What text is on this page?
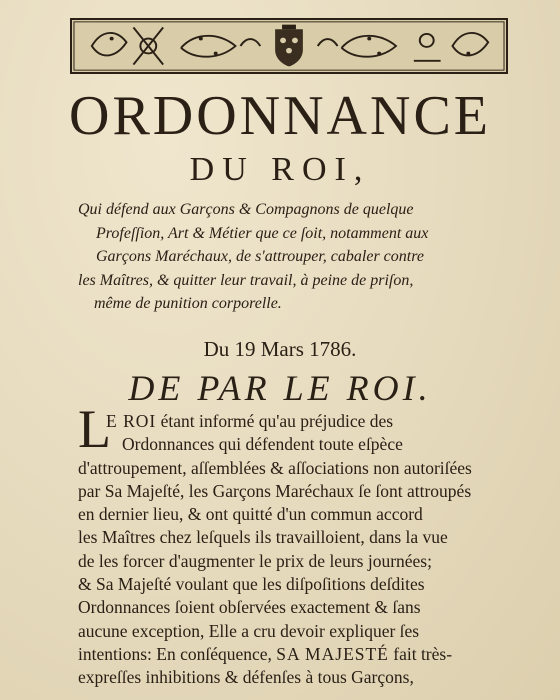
ORDONNANCE
DU ROI,
Qui défend aux Garçons & Compagnons de quelque
Profeſſion, Art & Métier que ce ſoit, notamment aux
Garçons Maréchaux, de s'attrouper, cabaler contre
les Maîtres, & quitter leur travail, à peine de priſon,
même de punition corporelle.
Du 19 Mars 1786.
DE PAR LE ROI.
L
E ROI étant informé qu'au préjudice des
Ordonnances qui défendent toute eſpèce
d'attroupement, aſſemblées & aſſociations non autoriſées
par Sa Majeſté, les Garçons Maréchaux ſe ſont attroupés
en dernier lieu, & ont quitté d'un commun accord
les Maîtres chez leſquels ils travailloient, dans la vue
de les forcer d'augmenter le prix de leurs journées;
& Sa Majeſté voulant que les diſpoſitions deſdites
Ordonnances ſoient obſervées exactement & ſans
aucune exception, Elle a cru devoir expliquer ſes
intentions: En conſéquence, SA MAJESTÉ fait très-
expreſſes inhibitions & défenſes à tous Garçons,
